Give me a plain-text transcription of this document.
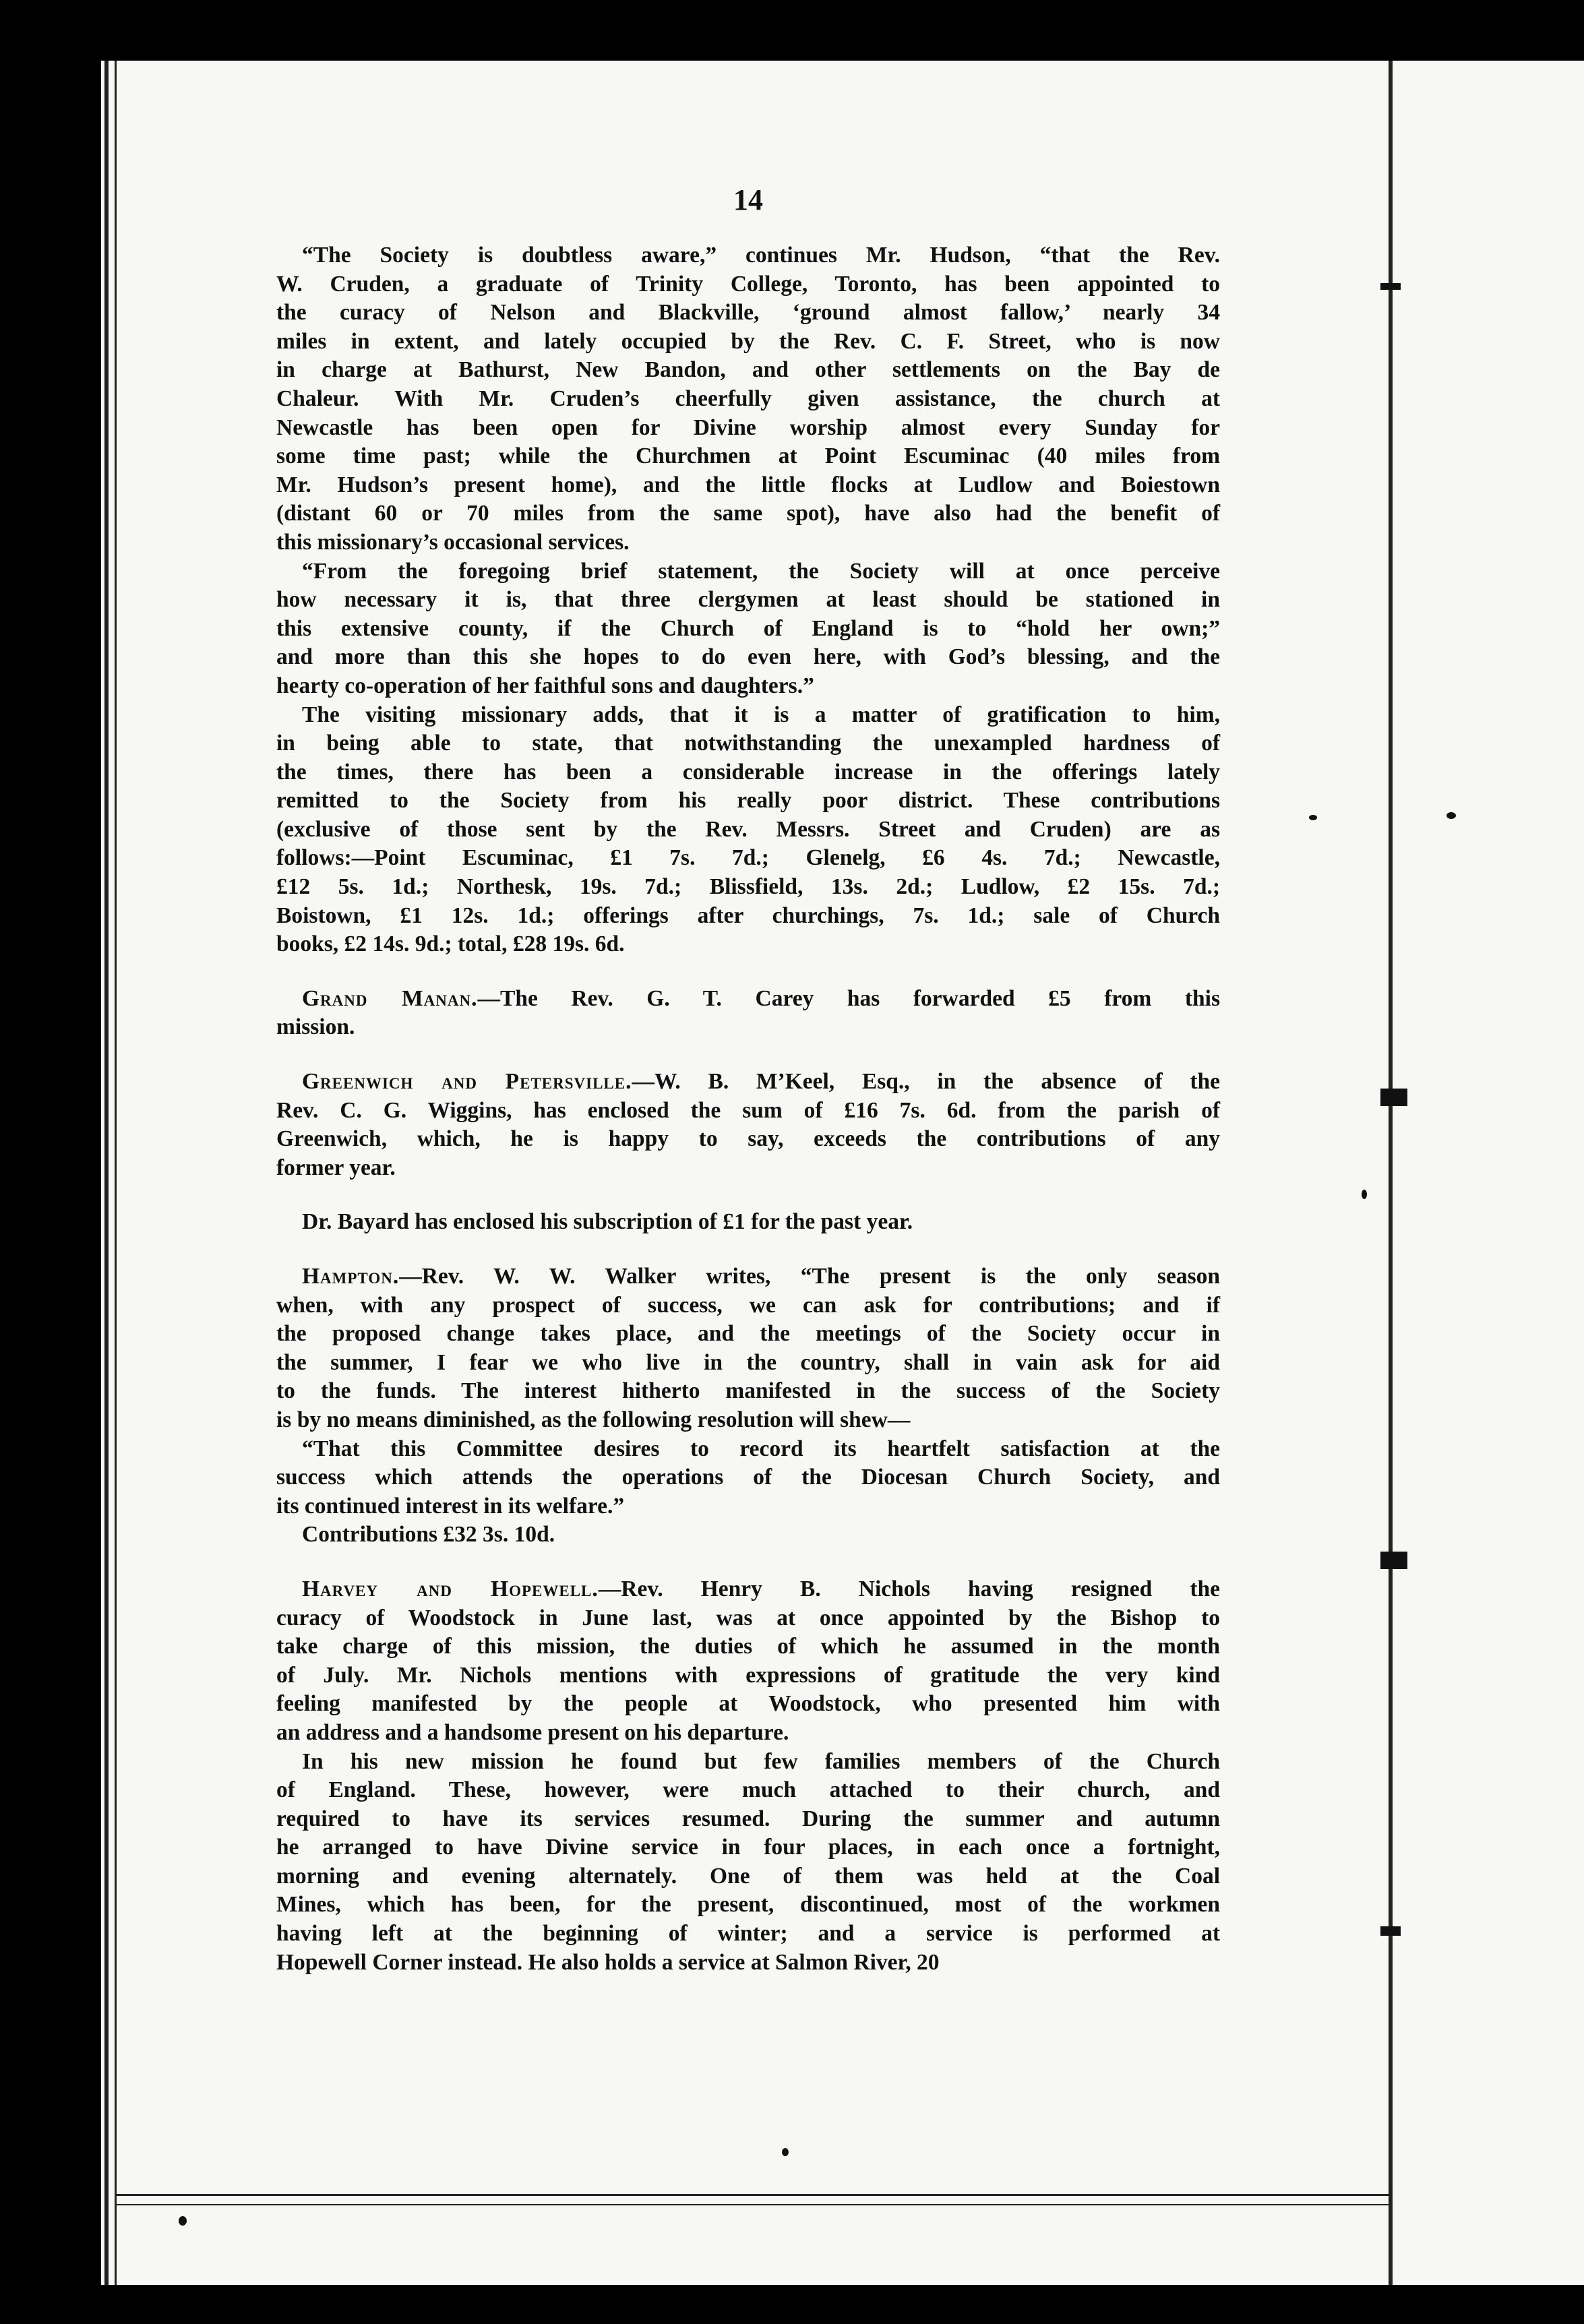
14
“The Society is doubtless aware,” continues Mr. Hudson, “that the Rev.
W. Cruden, a graduate of Trinity College, Toronto, has been appointed to
the curacy of Nelson and Blackville, ‘ground almost fallow,’ nearly 34
miles in extent, and lately occupied by the Rev. C. F. Street, who is now
in charge at Bathurst, New Bandon, and other settlements on the Bay de
Chaleur. With Mr. Cruden’s cheerfully given assistance, the church at
Newcastle has been open for Divine worship almost every Sunday for
some time past; while the Churchmen at Point Escuminac (40 miles from
Mr. Hudson’s present home), and the little flocks at Ludlow and Boiestown
(distant 60 or 70 miles from the same spot), have also had the benefit of
this missionary’s occasional services.
“From the foregoing brief statement, the Society will at once perceive
how necessary it is, that three clergymen at least should be stationed in
this extensive county, if the Church of England is to “hold her own;”
and more than this she hopes to do even here, with God’s blessing, and the
hearty co-operation of her faithful sons and daughters.”
The visiting missionary adds, that it is a matter of gratification to him,
in being able to state, that notwithstanding the unexampled hardness of
the times, there has been a considerable increase in the offerings lately
remitted to the Society from his really poor district. These contributions
(exclusive of those sent by the Rev. Messrs. Street and Cruden) are as
follows:—Point Escuminac, £1 7s. 7d.; Glenelg, £6 4s. 7d.; Newcastle,
£12 5s. 1d.; Northesk, 19s. 7d.; Blissfield, 13s. 2d.; Ludlow, £2 15s. 7d.;
Boistown, £1 12s. 1d.; offerings after churchings, 7s. 1d.; sale of Church
books, £2 14s. 9d.; total, £28 19s. 6d.
Grand Manan.—The Rev. G. T. Carey has forwarded £5 from this
mission.
Greenwich and Petersville.—W. B. M’Keel, Esq., in the absence of the
Rev. C. G. Wiggins, has enclosed the sum of £16 7s. 6d. from the parish of
Greenwich, which, he is happy to say, exceeds the contributions of any
former year.
Dr. Bayard has enclosed his subscription of £1 for the past year.
Hampton.—Rev. W. W. Walker writes, “The present is the only season
when, with any prospect of success, we can ask for contributions; and if
the proposed change takes place, and the meetings of the Society occur in
the summer, I fear we who live in the country, shall in vain ask for aid
to the funds. The interest hitherto manifested in the success of the Society
is by no means diminished, as the following resolution will shew—
“That this Committee desires to record its heartfelt satisfaction at the
success which attends the operations of the Diocesan Church Society, and
its continued interest in its welfare.”
Contributions £32 3s. 10d.
Harvey and Hopewell.—Rev. Henry B. Nichols having resigned the
curacy of Woodstock in June last, was at once appointed by the Bishop to
take charge of this mission, the duties of which he assumed in the month
of July. Mr. Nichols mentions with expressions of gratitude the very kind
feeling manifested by the people at Woodstock, who presented him with
an address and a handsome present on his departure.
In his new mission he found but few families members of the Church
of England. These, however, were much attached to their church, and
required to have its services resumed. During the summer and autumn
he arranged to have Divine service in four places, in each once a fortnight,
morning and evening alternately. One of them was held at the Coal
Mines, which has been, for the present, discontinued, most of the workmen
having left at the beginning of winter; and a service is performed at
Hopewell Corner instead. He also holds a service at Salmon River, 20
